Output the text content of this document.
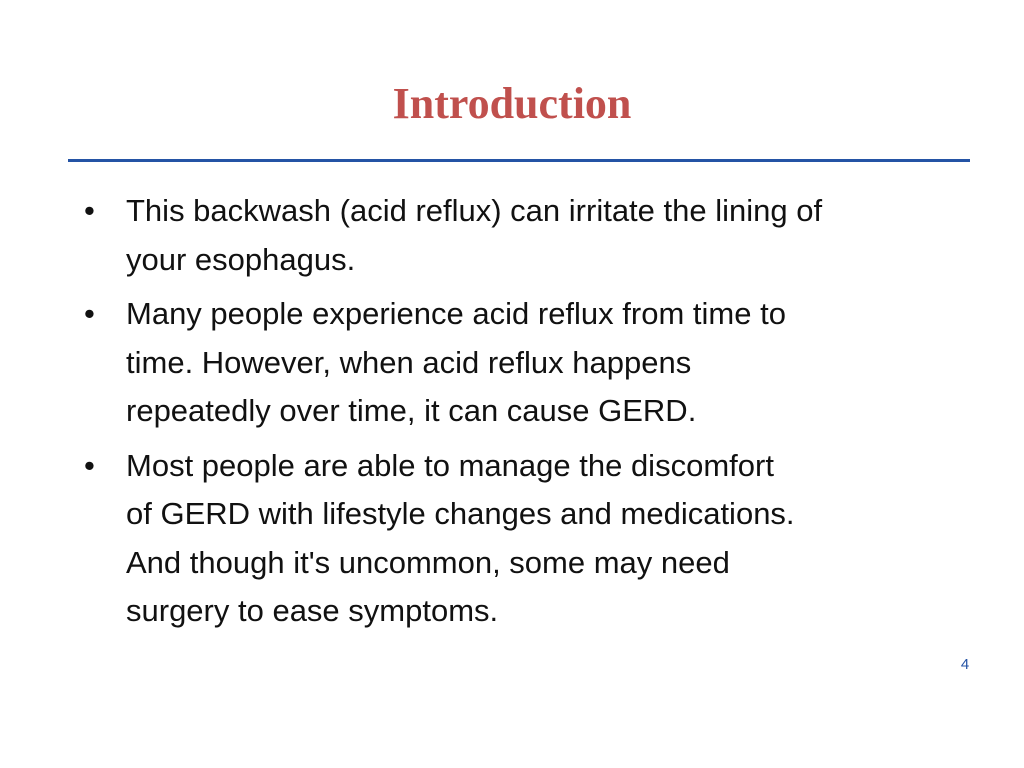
Introduction
•	This backwash (acid reflux) can irritate the lining of
your esophagus.
•	Many people experience acid reflux from time to
time. However, when acid reflux happens
repeatedly over time, it can cause GERD.
•	Most people are able to manage the discomfort
of GERD with lifestyle changes and medications.
And though it's uncommon, some may need
surgery to ease symptoms.
4
